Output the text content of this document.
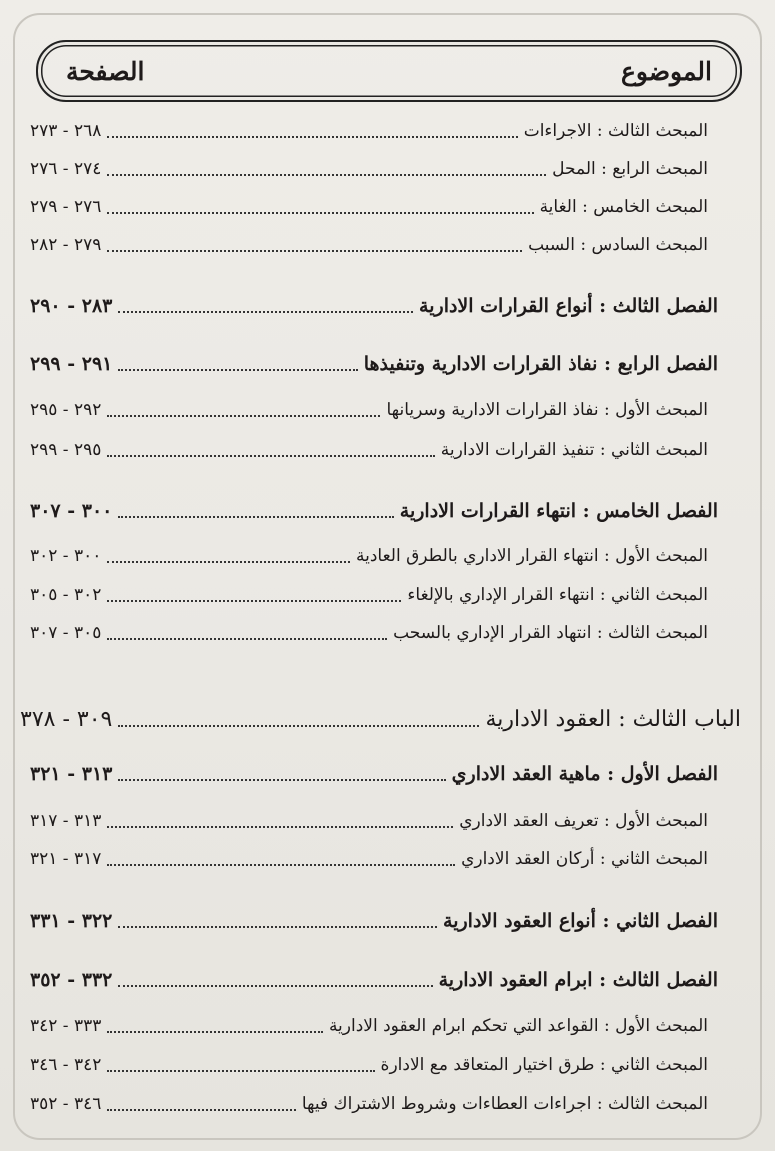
الموضوع
الصفحة
المبحث الثالث : الاجراءات
٢٦٨ - ٢٧٣
المبحث الرابع : المحل
٢٧٤ - ٢٧٦
المبحث الخامس : الغاية
٢٧٦ - ٢٧٩
المبحث السادس : السبب
٢٧٩ - ٢٨٢
الفصل الثالث : أنواع القرارات الادارية
٢٨٣ - ٢٩٠
الفصل الرابع : نفاذ القرارات الادارية وتنفيذها
٢٩١ - ٢٩٩
المبحث الأول : نفاذ القرارات الادارية وسريانها
٢٩٢ - ٢٩٥
المبحث الثاني : تنفيذ القرارات الادارية
٢٩٥ - ٢٩٩
الفصل الخامس : انتهاء القرارات الادارية
٣٠٠ - ٣٠٧
المبحث الأول : انتهاء القرار الاداري بالطرق العادية
٣٠٠ - ٣٠٢
المبحث الثاني : انتهاء القرار الإداري بالإلغاء
٣٠٢ - ٣٠٥
المبحث الثالث : انتهاد القرار الإداري بالسحب
٣٠٥ - ٣٠٧
الباب الثالث : العقود الادارية
٣٠٩ - ٣٧٨
الفصل الأول : ماهية العقد الاداري
٣١٣ - ٣٢١
المبحث الأول : تعريف العقد الاداري
٣١٣ - ٣١٧
المبحث الثاني : أركان العقد الاداري
٣١٧ - ٣٢١
الفصل الثاني : أنواع العقود الادارية
٣٢٢ - ٣٣١
الفصل الثالث : ابرام العقود الادارية
٣٣٢ - ٣٥٢
المبحث الأول : القواعد التي تحكم ابرام العقود الادارية
٣٣٣ - ٣٤٢
المبحث الثاني : طرق اختيار المتعاقد مع الادارة
٣٤٢ - ٣٤٦
المبحث الثالث : اجراءات العطاءات وشروط الاشتراك فيها
٣٤٦ - ٣٥٢
